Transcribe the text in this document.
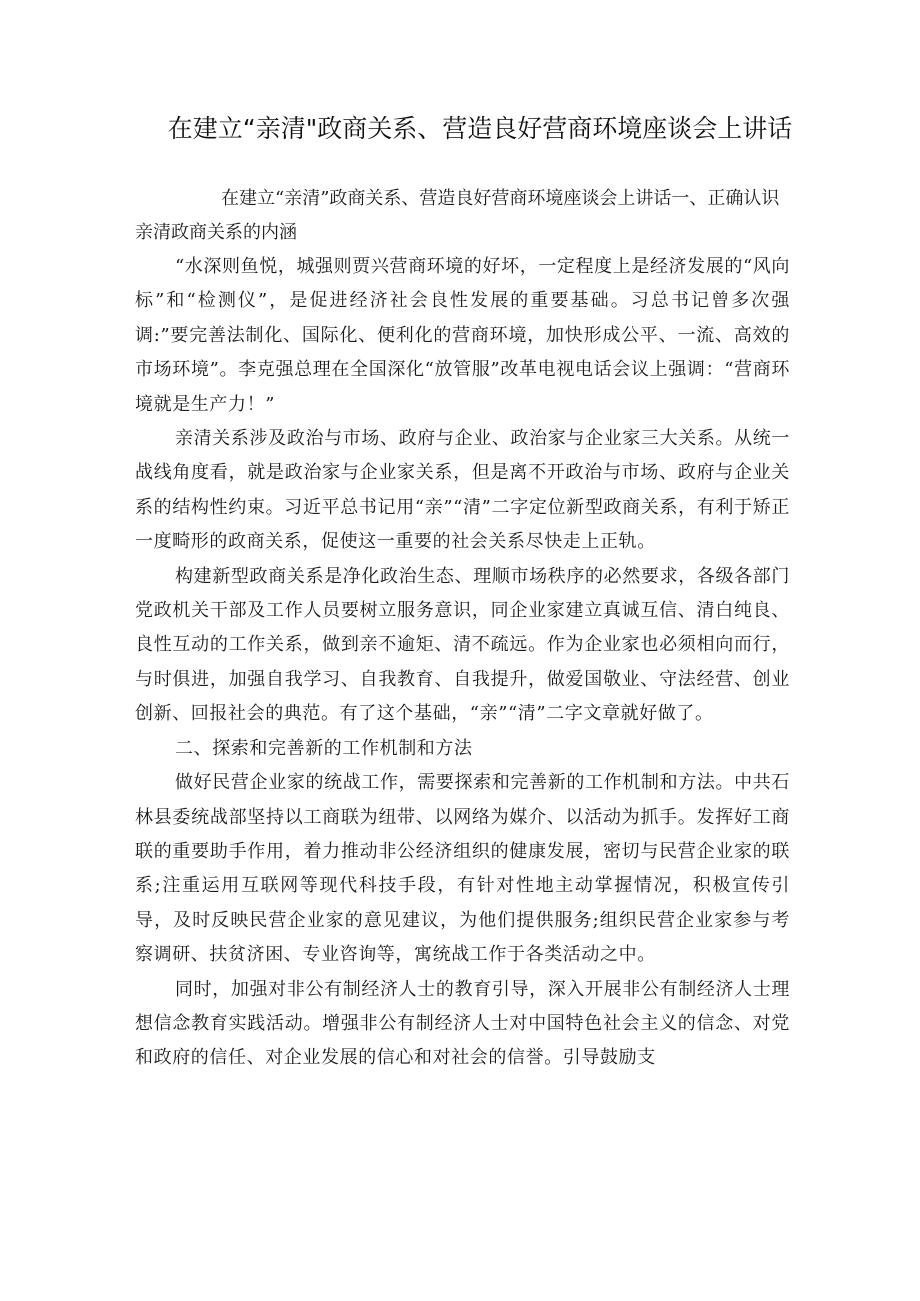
在建立“亲清"政商关系、营造良好营商环境座谈会上讲话

在建立“亲清”政商关系、营造良好营商环境座谈会上讲话一、正确认识亲清政商关系的内涵

“水深则鱼悦，城强则贾兴营商环境的好坏，一定程度上是经济发展的“风向标”和“检测仪”，是促进经济社会良性发展的重要基础。习总书记曾多次强调:”要完善法制化、国际化、便利化的营商环境，加快形成公平、一流、高效的市场环境”。李克强总理在全国深化“放管服”改革电视电话会议上强调：“营商环境就是生产力！”

亲清关系涉及政治与市场、政府与企业、政治家与企业家三大关系。从统一战线角度看，就是政治家与企业家关系，但是离不开政治与市场、政府与企业关系的结构性约束。习近平总书记用“亲”“清”二字定位新型政商关系，有利于矫正一度畸形的政商关系，促使这一重要的社会关系尽快走上正轨。

构建新型政商关系是净化政治生态、理顺市场秩序的必然要求，各级各部门党政机关干部及工作人员要树立服务意识，同企业家建立真诚互信、清白纯良、良性互动的工作关系，做到亲不逾矩、清不疏远。作为企业家也必须相向而行，与时俱进，加强自我学习、自我教育、自我提升，做爱国敬业、守法经营、创业创新、回报社会的典范。有了这个基础，“亲”“清”二字文章就好做了。

二、探索和完善新的工作机制和方法

做好民营企业家的统战工作，需要探索和完善新的工作机制和方法。中共石林县委统战部坚持以工商联为纽带、以网络为媒介、以活动为抓手。发挥好工商联的重要助手作用，着力推动非公经济组织的健康发展，密切与民营企业家的联系;注重运用互联网等现代科技手段，有针对性地主动掌握情况，积极宣传引导，及时反映民营企业家的意见建议，为他们提供服务;组织民营企业家参与考察调研、扶贫济困、专业咨询等，寓统战工作于各类活动之中。

同时，加强对非公有制经济人士的教育引导，深入开展非公有制经济人士理想信念教育实践活动。增强非公有制经济人士对中国特色社会主义的信念、对党和政府的信任、对企业发展的信心和对社会的信誉。引导鼓励支
